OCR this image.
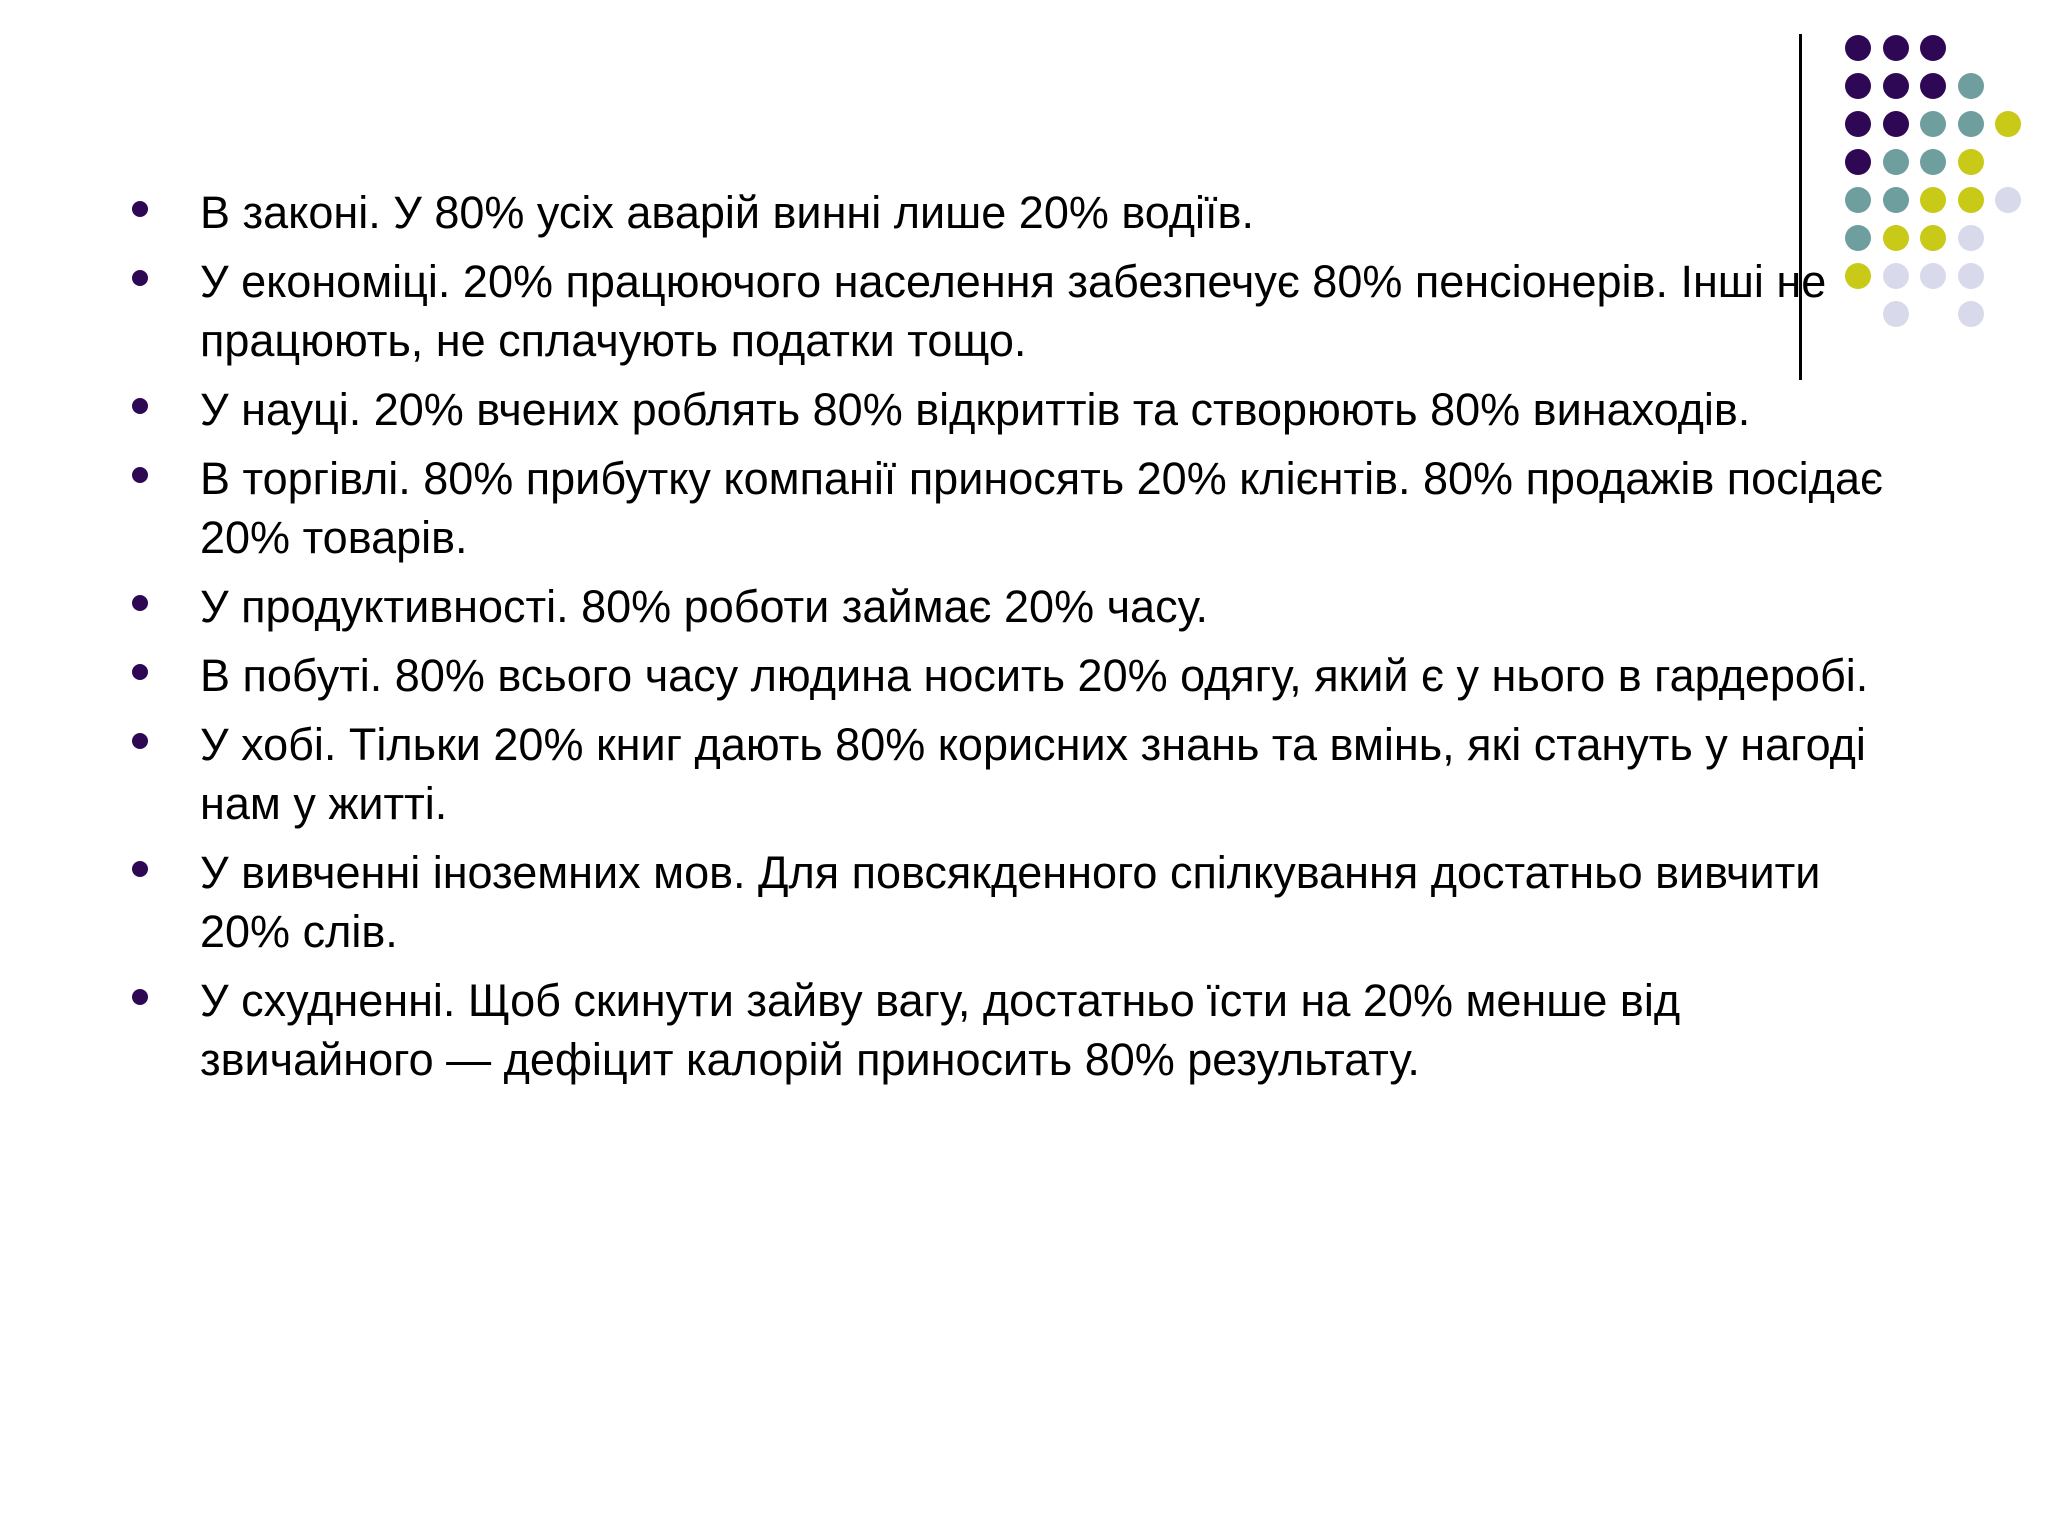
В законі. У 80% усіх аварій винні лише 20% водіїв.
У економіці. 20% працюючого населення забезпечує 80% пенсіонерів. Інші не працюють, не сплачують податки тощо.
У науці. 20% вчених роблять 80% відкриттів та створюють 80% винаходів.
В торгівлі. 80% прибутку компанії приносять 20% клієнтів. 80% продажів посідає 20% товарів.
У продуктивності. 80% роботи займає 20% часу.
В побуті. 80% всього часу людина носить 20% одягу, який є у нього в гардеробі.
У хобі. Тільки 20% книг дають 80% корисних знань та вмінь, які стануть у нагоді нам у житті.
У вивченні іноземних мов. Для повсякденного спілкування достатньо вивчити 20% слів.
У схудненні. Щоб скинути зайву вагу, достатньо їсти на 20% менше від звичайного — дефіцит калорій приносить 80% результату.
